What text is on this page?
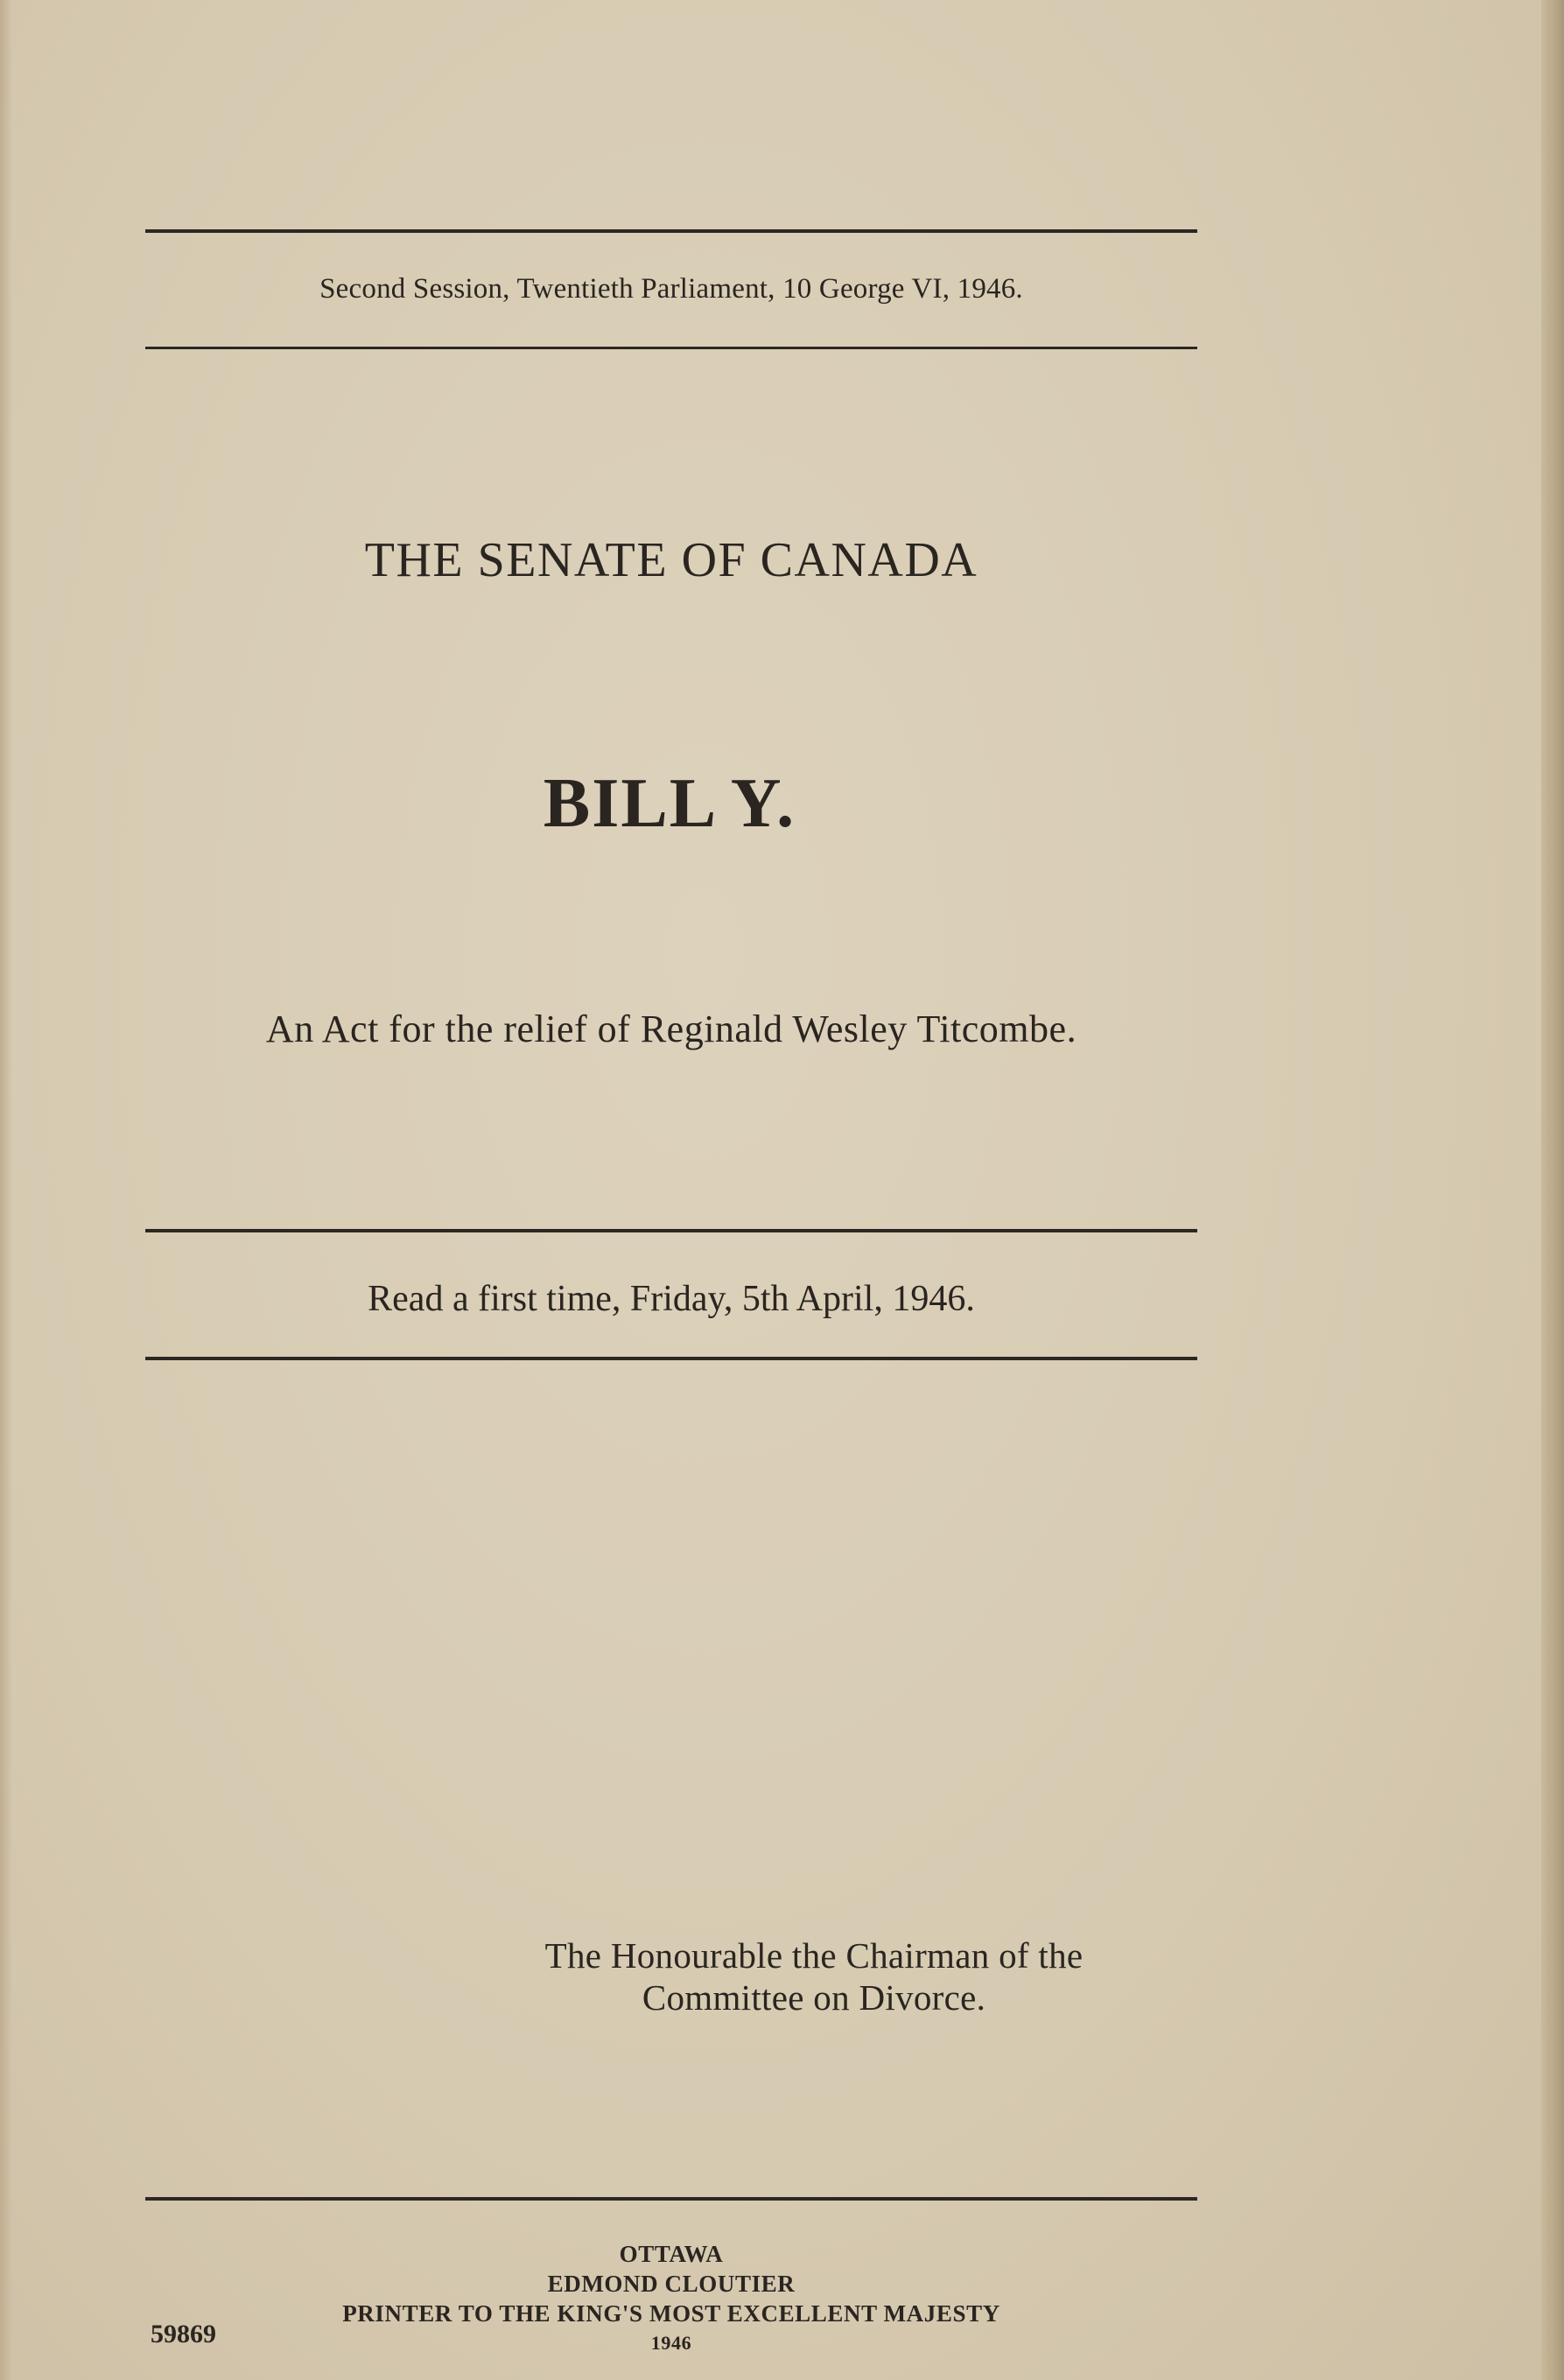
Second Session, Twentieth Parliament, 10 George VI, 1946.
THE SENATE OF CANADA
BILL Y.
An Act for the relief of Reginald Wesley Titcombe.
Read a first time, Friday, 5th April, 1946.
The Honourable the Chairman of the
Committee on Divorce.
OTTAWA
EDMOND CLOUTIER
PRINTER TO THE KING'S MOST EXCELLENT MAJESTY
1946
59869
